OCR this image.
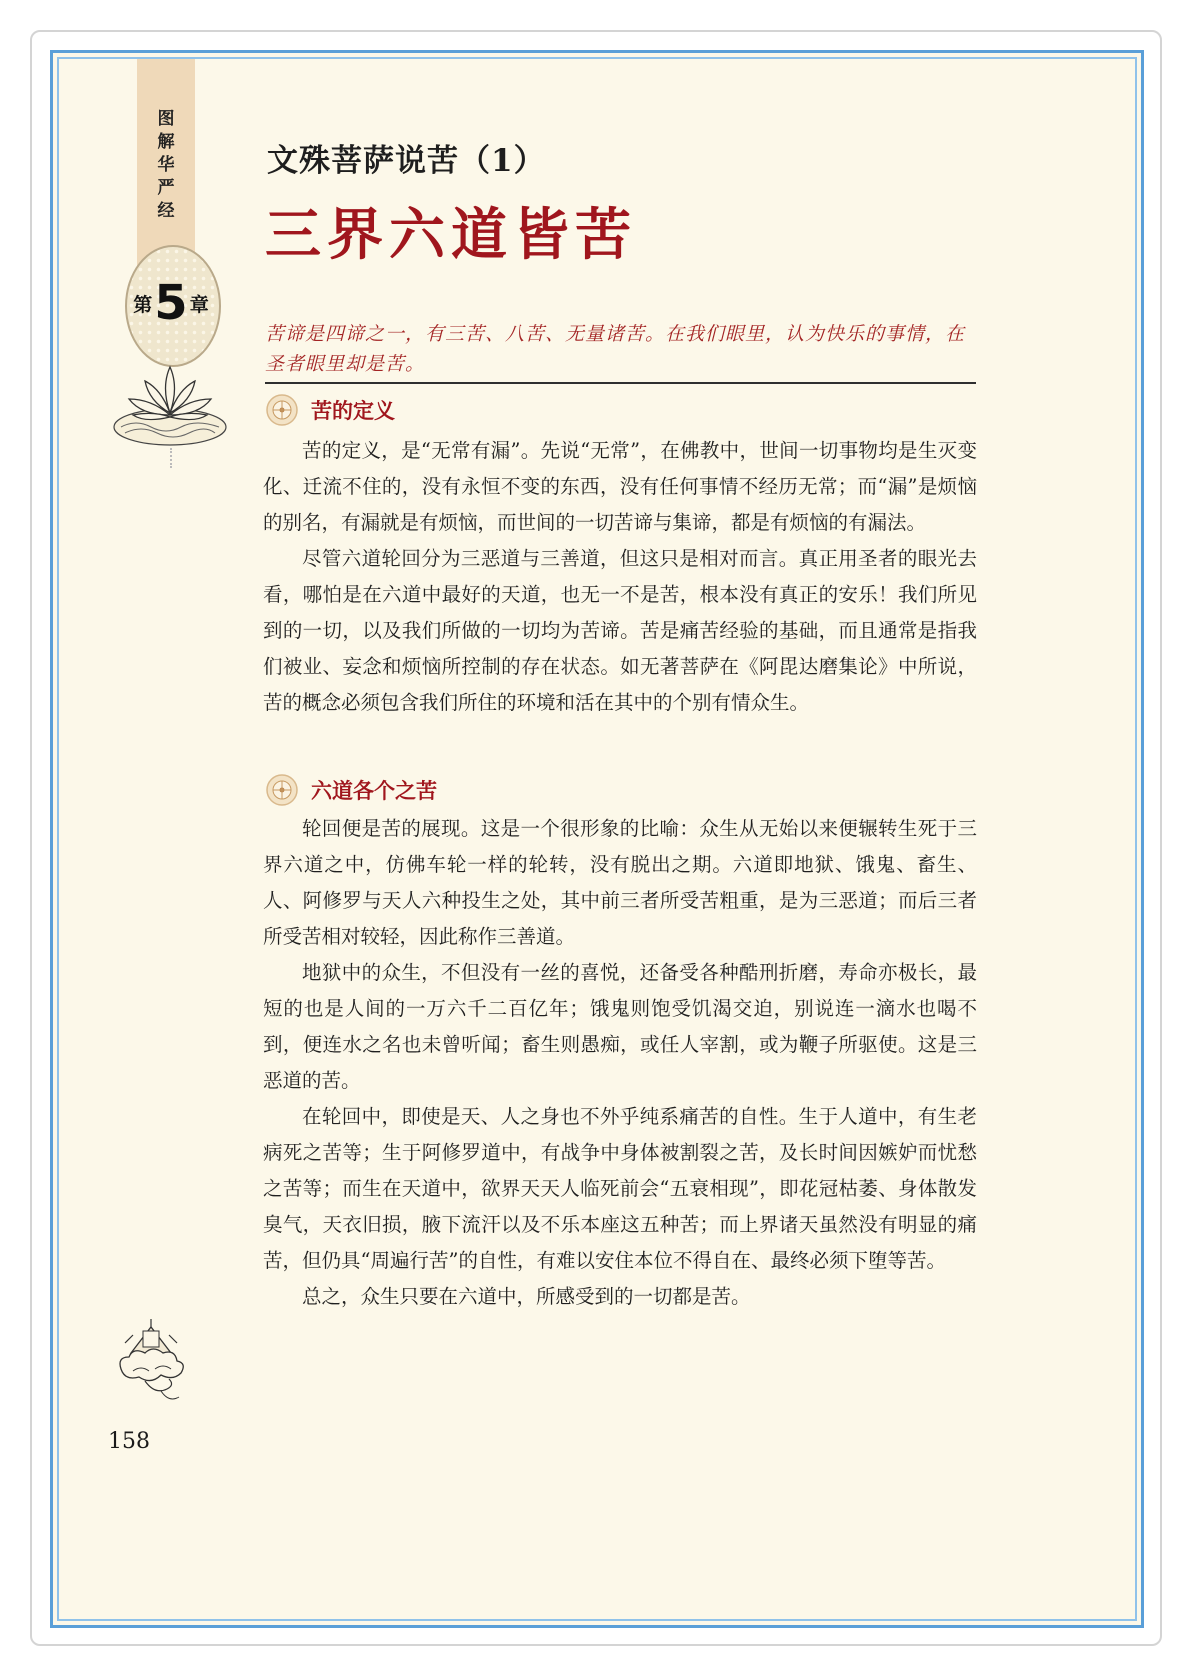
图
解
华
严
经
第 5 章
文殊菩萨说苦（1）
三界六道皆苦
苦谛是四谛之一，有三苦、八苦、无量诸苦。在我们眼里，认为快乐的事情，在圣者眼里却是苦。
苦的定义

苦的定义，是“无常有漏”。先说“无常”，在佛教中，世间一切事物均是生灭变化、迁流不住的，没有永恒不变的东西，没有任何事情不经历无常；而“漏”是烦恼的别名，有漏就是有烦恼，而世间的一切苦谛与集谛，都是有烦恼的有漏法。

尽管六道轮回分为三恶道与三善道，但这只是相对而言。真正用圣者的眼光去看，哪怕是在六道中最好的天道，也无一不是苦，根本没有真正的安乐！我们所见到的一切，以及我们所做的一切均为苦谛。苦是痛苦经验的基础，而且通常是指我们被业、妄念和烦恼所控制的存在状态。如无著菩萨在《阿毘达磨集论》中所说，苦的概念必须包含我们所住的环境和活在其中的个别有情众生。

六道各个之苦

轮回便是苦的展现。这是一个很形象的比喻：众生从无始以来便辗转生死于三界六道之中，仿佛车轮一样的轮转，没有脱出之期。六道即地狱、饿鬼、畜生、人、阿修罗与天人六种投生之处，其中前三者所受苦粗重，是为三恶道；而后三者所受苦相对较轻，因此称作三善道。

地狱中的众生，不但没有一丝的喜悦，还备受各种酷刑折磨，寿命亦极长，最短的也是人间的一万六千二百亿年；饿鬼则饱受饥渴交迫，别说连一滴水也喝不到，便连水之名也未曾听闻；畜生则愚痴，或任人宰割，或为鞭子所驱使。这是三恶道的苦。

在轮回中，即使是天、人之身也不外乎纯系痛苦的自性。生于人道中，有生老病死之苦等；生于阿修罗道中，有战争中身体被割裂之苦，及长时间因嫉妒而忧愁之苦等；而生在天道中，欲界天天人临死前会“五衰相现”，即花冠枯萎、身体散发臭气，天衣旧损，腋下流汗以及不乐本座这五种苦；而上界诸天虽然没有明显的痛苦，但仍具“周遍行苦”的自性，有难以安住本位不得自在、最终必须下堕等苦。

总之，众生只要在六道中，所感受到的一切都是苦。

158
